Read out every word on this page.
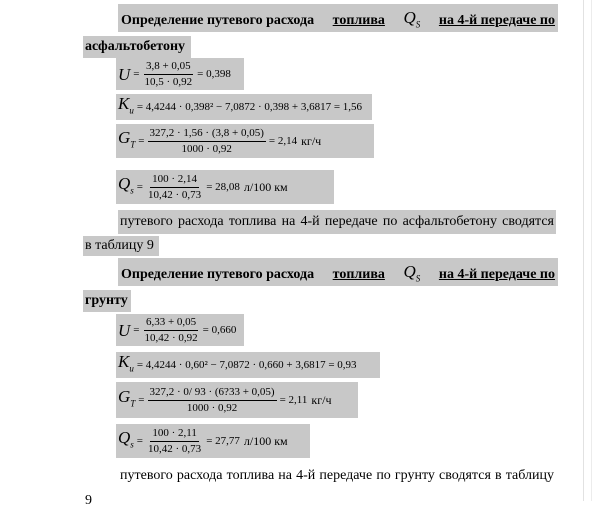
Определение путевого расхода топлива $Q_S$ на 4-й передаче по
асфальтобетону
$U = \frac{3,8 + 0,05}{10,5 \cdot 0,92} = 0,398$
$K_u = 4,4244 \cdot 0,398^2 - 7,0872 \cdot 0,398 + 3,6817 = 1,56$
$G_T = \frac{327,2 \cdot 1,56 \cdot (3,8 + 0,05)}{1000 \cdot 0,92} = 2,14$ кг/ч
$Q_s = \frac{100 \cdot 2,14}{10,42 \cdot 0,73} = 28,08$ л/100 км
путевого расхода топлива на 4-й передаче по асфальтобетону сводятся
в таблицу 9
Определение путевого расхода топлива $Q_S$ на 4-й передаче по
грунту
$U = \frac{6,33 + 0,05}{10,42 \cdot 0,92} = 0,660$
$K_u = 4,4244 \cdot 0,60^2 - 7,0872 \cdot 0,660 + 3,6817 = 0,93$
$G_T = \frac{327,2 \cdot 0/ 93 \cdot (6?33 + 0,05)}{1000 \cdot 0,92} = 2,11$ кг/ч
$Q_s = \frac{100 \cdot 2,11}{10,42 \cdot 0,73} = 27,77$ л/100 км
путевого расхода топлива на 4-й передаче по грунту сводятся в таблицу
9
